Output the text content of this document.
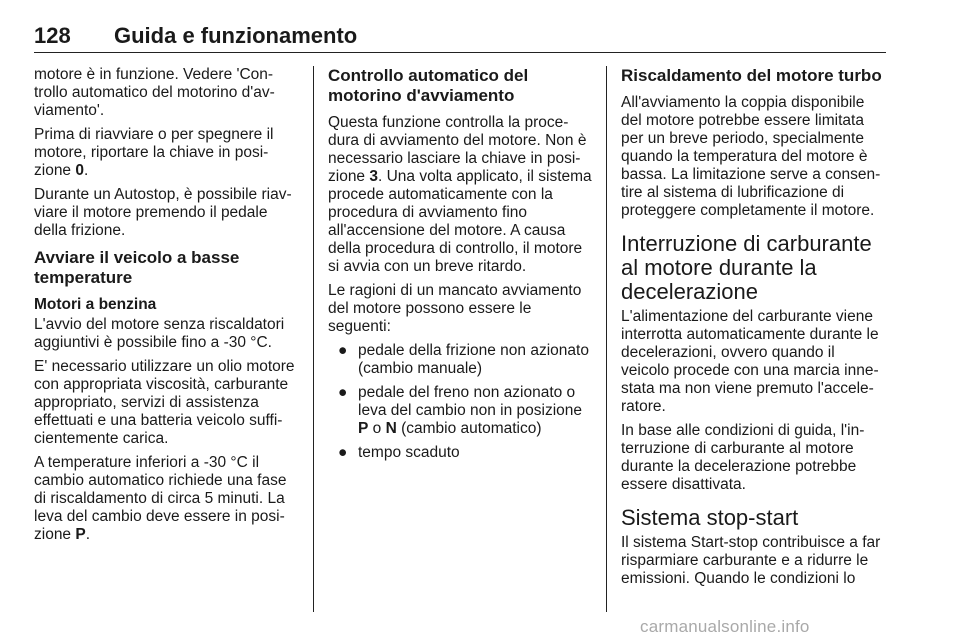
128 Guida e funzionamento

motore è in funzione. Vedere 'Controllo automatico del motorino d'avviamento'.

Prima di riavviare o per spegnere il motore, riportare la chiave in posizione 0.

Durante un Autostop, è possibile riavviare il motore premendo il pedale della frizione.

Avviare il veicolo a basse temperature
Motori a benzina

L'avvio del motore senza riscaldatori aggiuntivi è possibile fino a -30 °C.

E' necessario utilizzare un olio motore con appropriata viscosità, carburante appropriato, servizi di assistenza effettuati e una batteria veicolo sufficientemente carica.

A temperature inferiori a -30 °C il cambio automatico richiede una fase di riscaldamento di circa 5 minuti. La leva del cambio deve essere in posizione P.

Controllo automatico del motorino d'avviamento

Questa funzione controlla la procedura di avviamento del motore. Non è necessario lasciare la chiave in posizione 3. Una volta applicato, il sistema procede automaticamente con la procedura di avviamento fino all'accensione del motore. A causa della procedura di controllo, il motore si avvia con un breve ritardo.

Le ragioni di un mancato avviamento del motore possono essere le seguenti:

● pedale della frizione non azionato (cambio manuale)
● pedale del freno non azionato o leva del cambio non in posizione P o N (cambio automatico)
● tempo scaduto
Riscaldamento del motore turbo

All'avviamento la coppia disponibile del motore potrebbe essere limitata per un breve periodo, specialmente quando la temperatura del motore è bassa. La limitazione serve a consentire al sistema di lubrificazione di proteggere completamente il motore.

Interruzione di carburante al motore durante la decelerazione

L'alimentazione del carburante viene interrotta automaticamente durante le decelerazioni, ovvero quando il veicolo procede con una marcia innestata ma non viene premuto l'acceleratore.

In base alle condizioni di guida, l'interruzione di carburante al motore durante la decelerazione potrebbe essere disattivata.

Sistema stop-start

Il sistema Start-stop contribuisce a far risparmiare carburante e a ridurre le emissioni. Quando le condizioni lo

carmanualsonline.info
